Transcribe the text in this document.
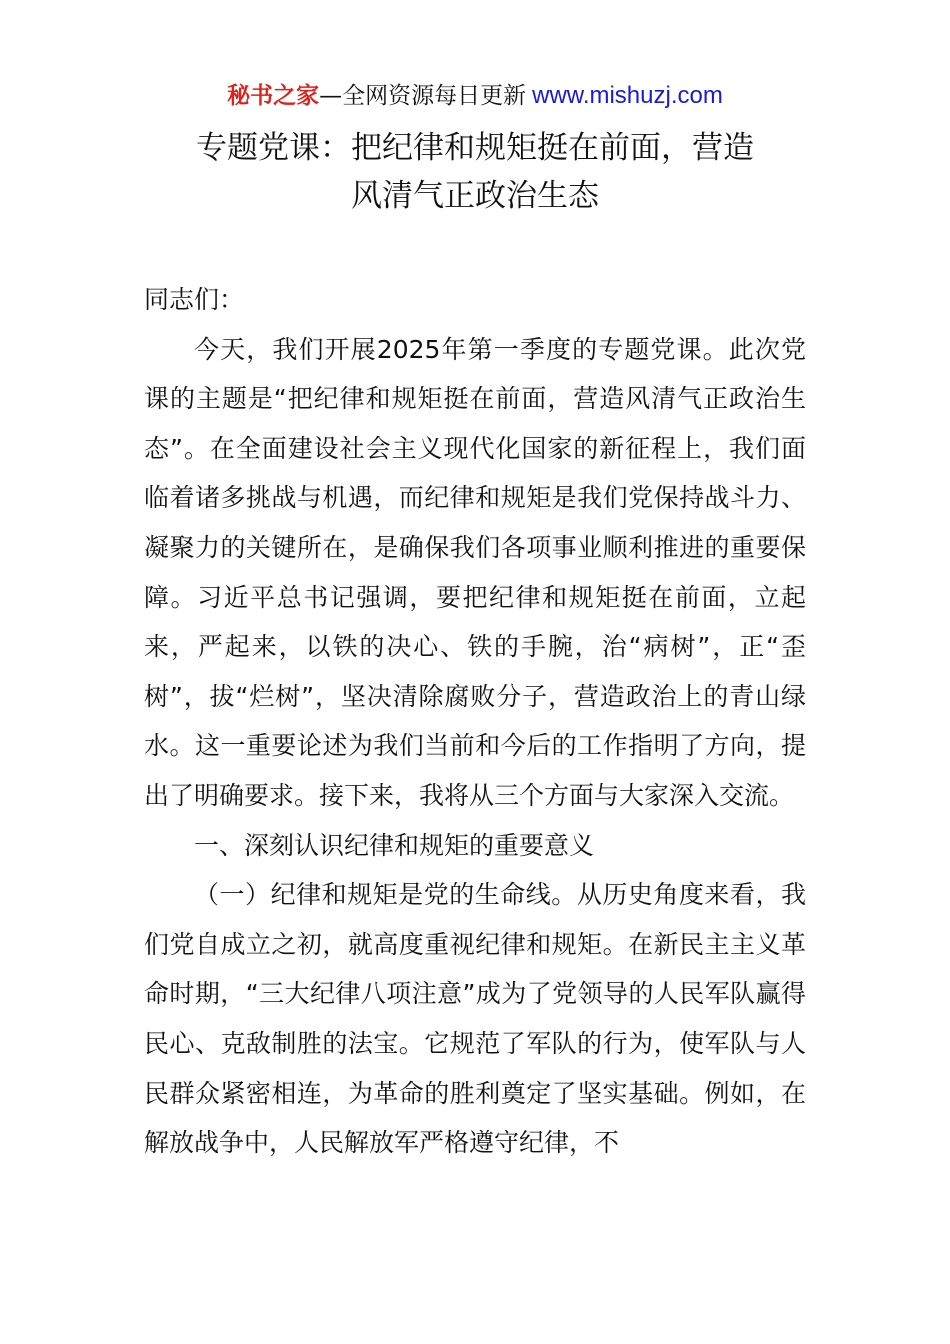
秘书之家—全网资源每日更新 www.mishuzj.com
专题党课：把纪律和规矩挺在前面，营造
风清气正政治生态

同志们：

今天，我们开展2025年第一季度的专题党课。此次党课的主题是“把纪律和规矩挺在前面，营造风清气正政治生态”。在全面建设社会主义现代化国家的新征程上，我们面临着诸多挑战与机遇，而纪律和规矩是我们党保持战斗力、凝聚力的关键所在，是确保我们各项事业顺利推进的重要保障。习近平总书记强调，要把纪律和规矩挺在前面，立起来，严起来，以铁的决心、铁的手腕，治“病树”，正“歪树”，拔“烂树”，坚决清除腐败分子，营造政治上的青山绿水。这一重要论述为我们当前和今后的工作指明了方向，提出了明确要求。接下来，我将从三个方面与大家深入交流。

一、深刻认识纪律和规矩的重要意义

（一）纪律和规矩是党的生命线。从历史角度来看，我们党自成立之初，就高度重视纪律和规矩。在新民主主义革命时期，“三大纪律八项注意”成为了党领导的人民军队赢得民心、克敌制胜的法宝。它规范了军队的行为，使军队与人民群众紧密相连，为革命的胜利奠定了坚实基础。例如，在解放战争中，人民解放军严格遵守纪律，不
